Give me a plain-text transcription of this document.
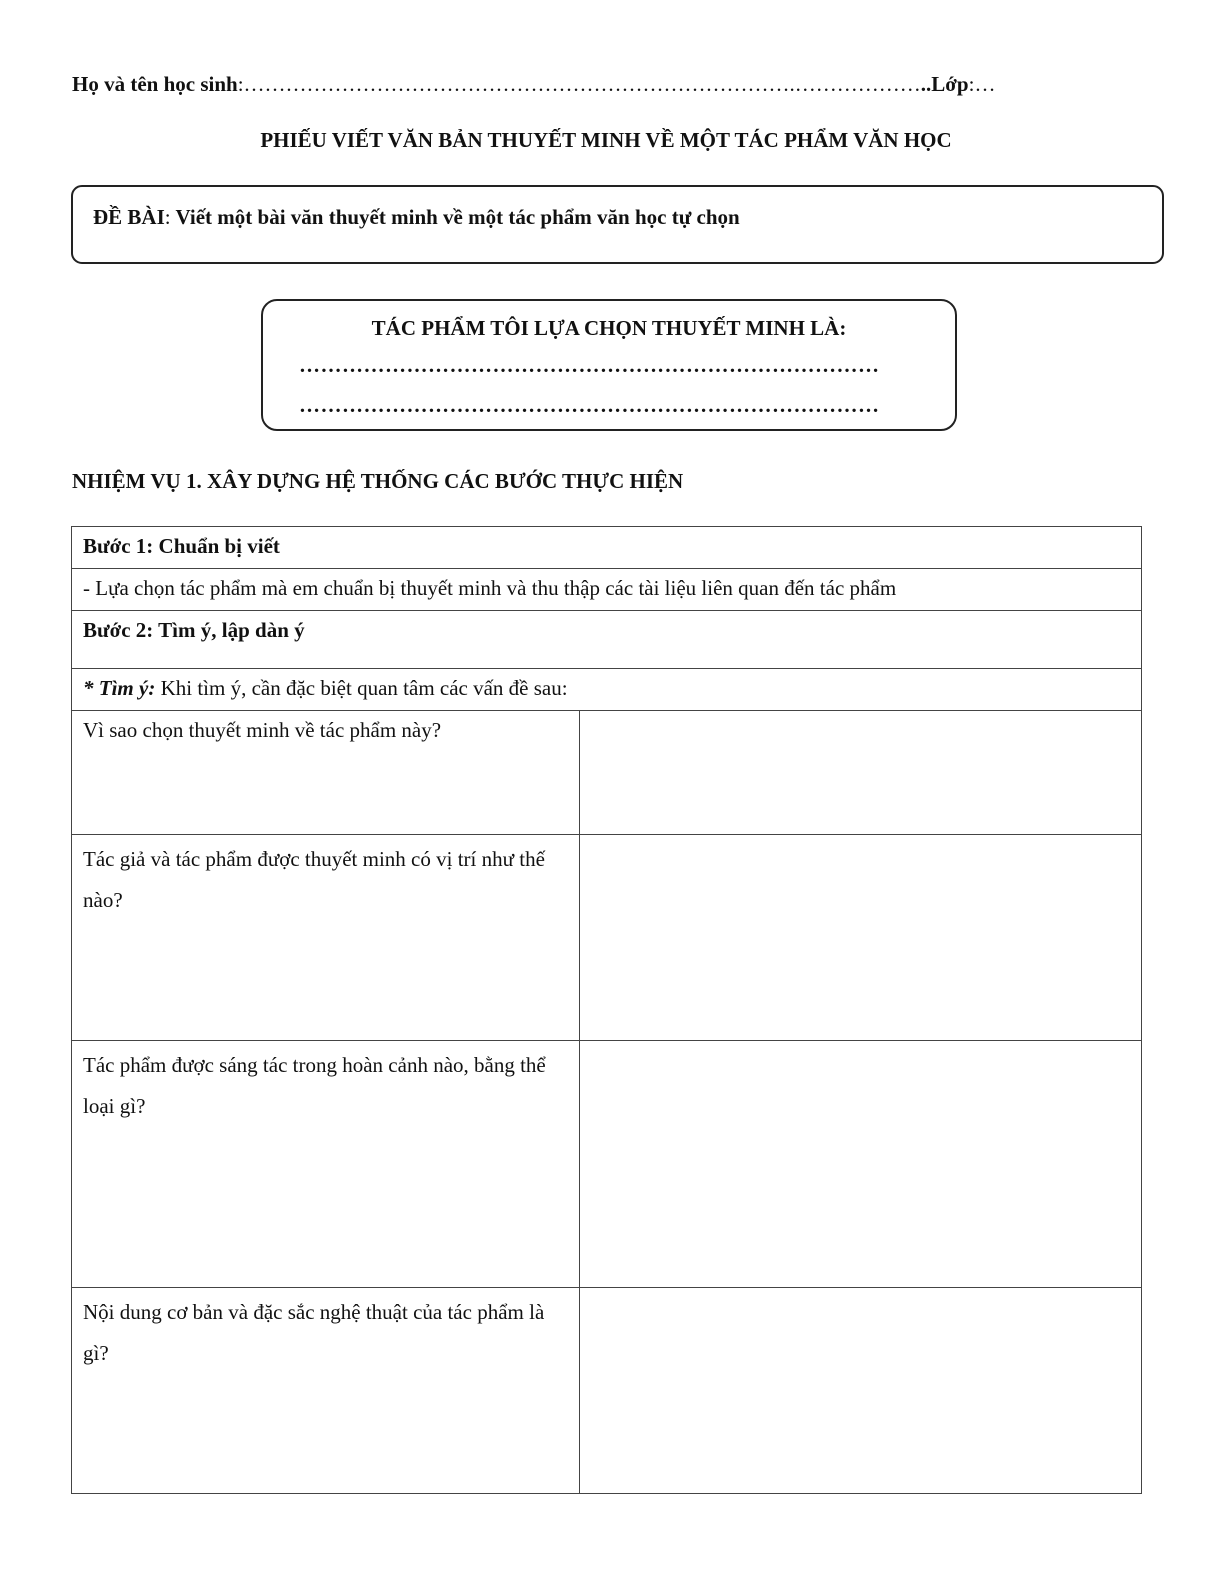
Họ và tên học sinh:…………………………………………………………………….………………..Lớp:…
PHIẾU VIẾT VĂN BẢN THUYẾT MINH VỀ MỘT TÁC PHẨM VĂN HỌC
ĐỀ BÀI: Viết một bài văn thuyết minh về một tác phẩm văn học tự chọn
TÁC PHẨM TÔI LỰA CHỌN THUYẾT MINH LÀ:
………………………………………………………………………
………………………………………………………………………
NHIỆM VỤ 1. XÂY DỰNG HỆ THỐNG CÁC BƯỚC THỰC HIỆN
Bước 1: Chuẩn bị viết	
- Lựa chọn tác phẩm mà em chuẩn bị thuyết minh và thu thập các tài liệu liên quan đến tác phẩm	
Bước 2: Tìm ý, lập dàn ý	
* Tìm ý: Khi tìm ý, cần đặc biệt quan tâm các vấn đề sau:	
Vì sao chọn thuyết minh về tác phẩm này?	
Tác giả và tác phẩm được thuyết minh có vị trí như thế nào?	
Tác phẩm được sáng tác trong hoàn cảnh nào, bằng thể loại gì?	
Nội dung cơ bản và đặc sắc nghệ thuật của tác phẩm là gì?	
